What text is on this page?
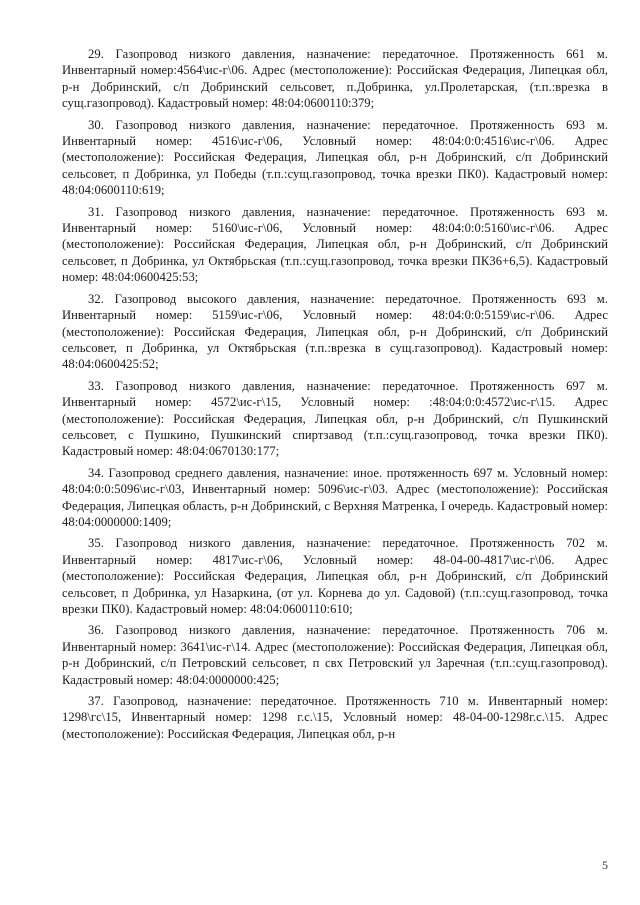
29. Газопровод низкого давления, назначение: передаточное. Протяженность 661 м. Инвентарный номер:4564\ис-г\06. Адрес (местоположение): Российская Федерация, Липецкая обл, р-н Добринский, с/п Добринский сельсовет, п.Добринка, ул.Пролетарская, (т.п.:врезка в сущ.газопровод). Кадастровый номер: 48:04:0600110:379;

30. Газопровод низкого давления, назначение: передаточное. Протяженность 693 м. Инвентарный номер: 4516\ис-г\06, Условный номер: 48:04:0:0:4516\ис-г\06. Адрес (местоположение): Российская Федерация, Липецкая обл, р-н Добринский, с/п Добринский сельсовет, п Добринка, ул Победы (т.п.:сущ.газопровод, точка врезки ПК0). Кадастровый номер: 48:04:0600110:619;

31. Газопровод низкого давления, назначение: передаточное. Протяженность 693 м. Инвентарный номер: 5160\ис-г\06, Условный номер: 48:04:0:0:5160\ис-г\06. Адрес (местоположение): Российская Федерация, Липецкая обл, р-н Добринский, с/п Добринский сельсовет, п Добринка, ул Октябрьская (т.п.:сущ.газопровод, точка врезки ПК36+6,5). Кадастровый номер: 48:04:0600425:53;

32. Газопровод высокого давления, назначение: передаточное. Протяженность 693 м. Инвентарный номер: 5159\ис-г\06, Условный номер: 48:04:0:0:5159\ис-г\06. Адрес (местоположение): Российская Федерация, Липецкая обл, р-н Добринский, с/п Добринский сельсовет, п Добринка, ул Октябрьская (т.п.:врезка в сущ.газопровод). Кадастровый номер: 48:04:0600425:52;

33. Газопровод низкого давления, назначение: передаточное. Протяженность 697 м. Инвентарный номер: 4572\ис-г\15, Условный номер: :48:04:0:0:4572\ис-г\15. Адрес (местоположение): Российская Федерация, Липецкая обл, р-н Добринский, с/п Пушкинский сельсовет, с Пушкино, Пушкинский спиртзавод (т.п.:сущ.газопровод, точка врезки ПК0). Кадастровый номер: 48:04:0670130:177;

34. Газопровод среднего давления, назначение: иное. протяженность 697 м. Условный номер: 48:04:0:0:5096\ис-г\03, Инвентарный номер: 5096\ис-г\03. Адрес (местоположение): Российская Федерация, Липецкая область, р-н Добринский, с Верхняя Матренка, I очередь. Кадастровый номер: 48:04:0000000:1409;

35. Газопровод низкого давления, назначение: передаточное. Протяженность 702 м. Инвентарный номер: 4817\ис-г\06, Условный номер: 48-04-00-4817\ис-г\06. Адрес (местоположение): Российская Федерация, Липецкая обл, р-н Добринский, с/п Добринский сельсовет, п Добринка, ул Назаркина, (от ул. Корнева до ул. Садовой) (т.п.:сущ.газопровод, точка врезки ПК0). Кадастровый номер: 48:04:0600110:610;

36. Газопровод низкого давления, назначение: передаточное. Протяженность 706 м. Инвентарный номер: 3641\ис-г\14. Адрес (местоположение): Российская Федерация, Липецкая обл, р-н Добринский, с/п Петровский сельсовет, п свх Петровский ул Заречная (т.п.:сущ.газопровод). Кадастровый номер: 48:04:0000000:425;

37. Газопровод, назначение: передаточное. Протяженность 710 м. Инвентарный номер: 1298\гс\15, Инвентарный номер: 1298 г.с.\15, Условный номер: 48-04-00-1298г.с.\15. Адрес (местоположение): Российская Федерация, Липецкая обл, р-н

5
